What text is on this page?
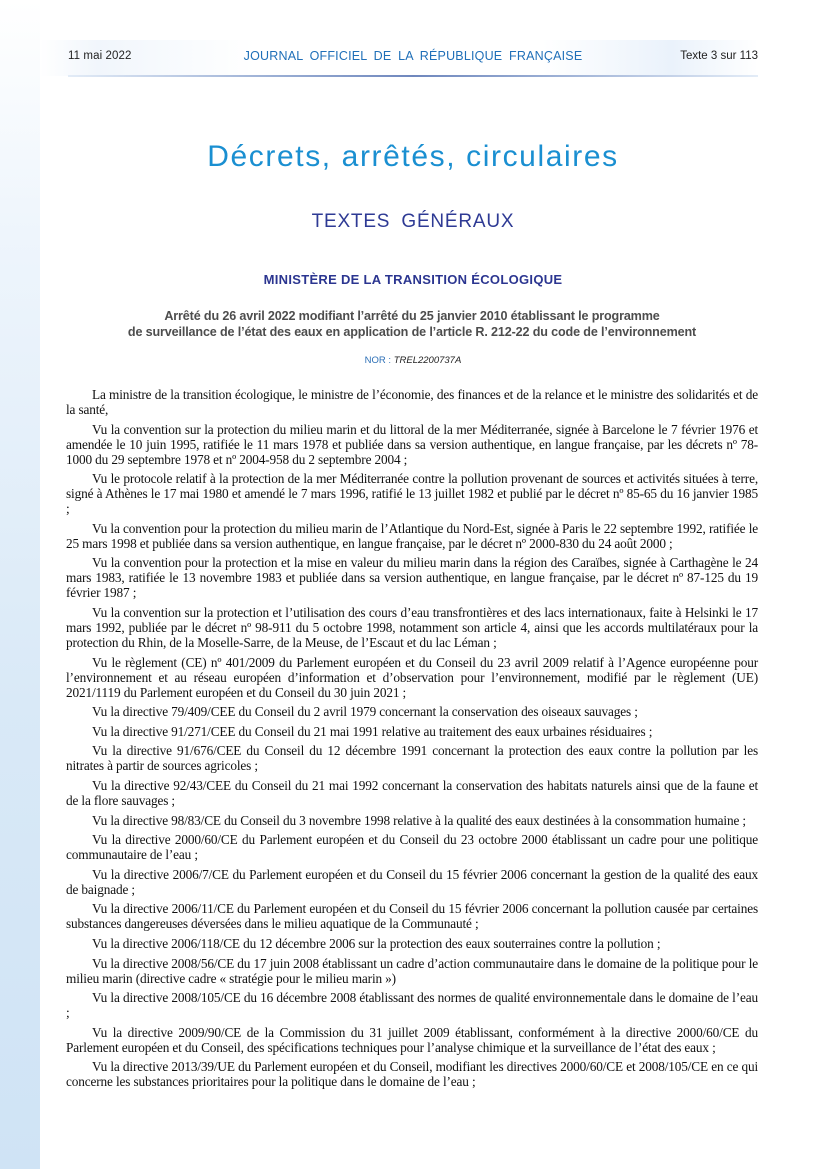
11 mai 2022	JOURNAL OFFICIEL DE LA RÉPUBLIQUE FRANÇAISE	Texte 3 sur 113
Décrets, arrêtés, circulaires
TEXTES GÉNÉRAUX
MINISTÈRE DE LA TRANSITION ÉCOLOGIQUE
Arrêté du 26 avril 2022 modifiant l’arrêté du 25 janvier 2010 établissant le programme
de surveillance de l’état des eaux en application de l’article R. 212-22 du code de l’environnement
NOR : TREL2200737A

La ministre de la transition écologique, le ministre de l’économie, des finances et de la relance et le ministre des solidarités et de la santé,

Vu la convention sur la protection du milieu marin et du littoral de la mer Méditerranée, signée à Barcelone le 7 février 1976 et amendée le 10 juin 1995, ratifiée le 11 mars 1978 et publiée dans sa version authentique, en langue française, par les décrets nº 78-1000 du 29 septembre 1978 et nº 2004-958 du 2 septembre 2004 ;

Vu le protocole relatif à la protection de la mer Méditerranée contre la pollution provenant de sources et activités situées à terre, signé à Athènes le 17 mai 1980 et amendé le 7 mars 1996, ratifié le 13 juillet 1982 et publié par le décret nº 85-65 du 16 janvier 1985 ;

Vu la convention pour la protection du milieu marin de l’Atlantique du Nord-Est, signée à Paris le 22 septembre 1992, ratifiée le 25 mars 1998 et publiée dans sa version authentique, en langue française, par le décret nº 2000-830 du 24 août 2000 ;

Vu la convention pour la protection et la mise en valeur du milieu marin dans la région des Caraïbes, signée à Carthagène le 24 mars 1983, ratifiée le 13 novembre 1983 et publiée dans sa version authentique, en langue française, par le décret nº 87-125 du 19 février 1987 ;

Vu la convention sur la protection et l’utilisation des cours d’eau transfrontières et des lacs internationaux, faite à Helsinki le 17 mars 1992, publiée par le décret nº 98-911 du 5 octobre 1998, notamment son article 4, ainsi que les accords multilatéraux pour la protection du Rhin, de la Moselle-Sarre, de la Meuse, de l’Escaut et du lac Léman ;

Vu le règlement (CE) nº 401/2009 du Parlement européen et du Conseil du 23 avril 2009 relatif à l’Agence européenne pour l’environnement et au réseau européen d’information et d’observation pour l’environnement, modifié par le règlement (UE) 2021/1119 du Parlement européen et du Conseil du 30 juin 2021 ;

Vu la directive 79/409/CEE du Conseil du 2 avril 1979 concernant la conservation des oiseaux sauvages ;

Vu la directive 91/271/CEE du Conseil du 21 mai 1991 relative au traitement des eaux urbaines résiduaires ;

Vu la directive 91/676/CEE du Conseil du 12 décembre 1991 concernant la protection des eaux contre la pollution par les nitrates à partir de sources agricoles ;

Vu la directive 92/43/CEE du Conseil du 21 mai 1992 concernant la conservation des habitats naturels ainsi que de la faune et de la flore sauvages ;

Vu la directive 98/83/CE du Conseil du 3 novembre 1998 relative à la qualité des eaux destinées à la consommation humaine ;

Vu la directive 2000/60/CE du Parlement européen et du Conseil du 23 octobre 2000 établissant un cadre pour une politique communautaire de l’eau ;

Vu la directive 2006/7/CE du Parlement européen et du Conseil du 15 février 2006 concernant la gestion de la qualité des eaux de baignade ;

Vu la directive 2006/11/CE du Parlement européen et du Conseil du 15 février 2006 concernant la pollution causée par certaines substances dangereuses déversées dans le milieu aquatique de la Communauté ;

Vu la directive 2006/118/CE du 12 décembre 2006 sur la protection des eaux souterraines contre la pollution ;

Vu la directive 2008/56/CE du 17 juin 2008 établissant un cadre d’action communautaire dans le domaine de la politique pour le milieu marin (directive cadre « stratégie pour le milieu marin »)

Vu la directive 2008/105/CE du 16 décembre 2008 établissant des normes de qualité environnementale dans le domaine de l’eau ;

Vu la directive 2009/90/CE de la Commission du 31 juillet 2009 établissant, conformément à la directive 2000/60/CE du Parlement européen et du Conseil, des spécifications techniques pour l’analyse chimique et la surveillance de l’état des eaux ;

Vu la directive 2013/39/UE du Parlement européen et du Conseil, modifiant les directives 2000/60/CE et 2008/105/CE en ce qui concerne les substances prioritaires pour la politique dans le domaine de l’eau ;
